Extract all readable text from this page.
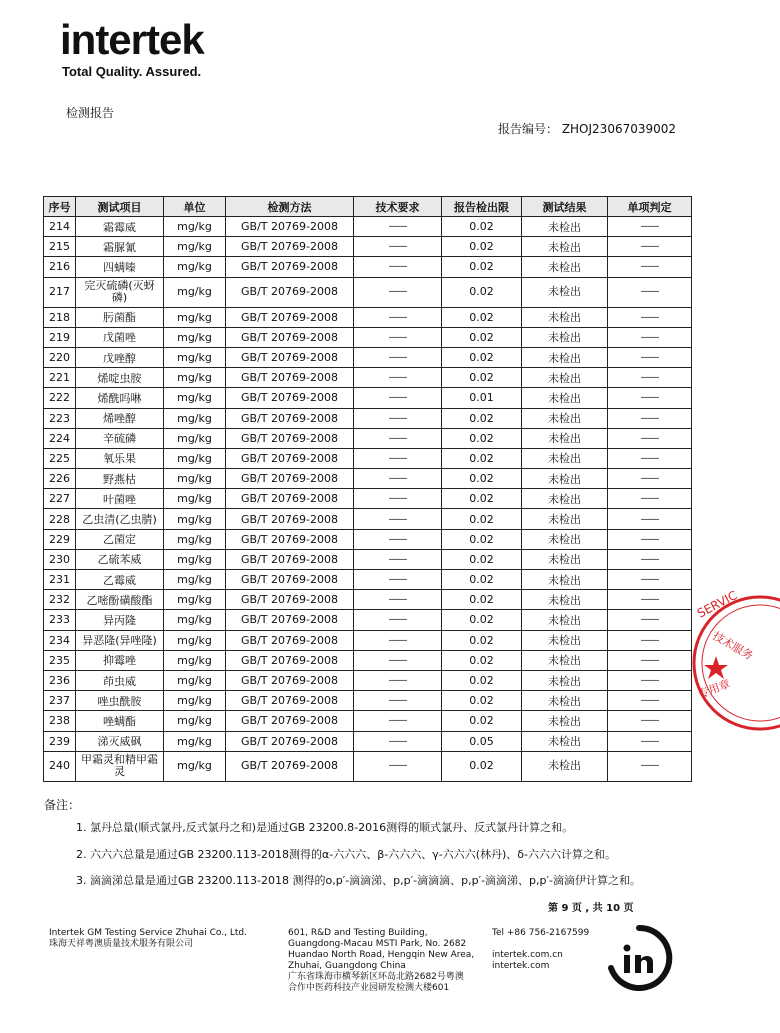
intertek
Total Quality. Assured.
检测报告
报告编号： ZHOJ23067039002
序号	测试项目	单位	检测方法	技术要求	报告检出限	测试结果	单项判定
214	霜霉威	mg/kg	GB/T 20769-2008	——	0.02	未检出	——
215	霜脲氰	mg/kg	GB/T 20769-2008	——	0.02	未检出	——
216	四螨嗪	mg/kg	GB/T 20769-2008	——	0.02	未检出	——
217	完灭硫磷(灭蚜磷)	mg/kg	GB/T 20769-2008	——	0.02	未检出	——
218	肟菌酯	mg/kg	GB/T 20769-2008	——	0.02	未检出	——
219	戊菌唑	mg/kg	GB/T 20769-2008	——	0.02	未检出	——
220	戊唑醇	mg/kg	GB/T 20769-2008	——	0.02	未检出	——
221	烯啶虫胺	mg/kg	GB/T 20769-2008	——	0.02	未检出	——
222	烯酰吗啉	mg/kg	GB/T 20769-2008	——	0.01	未检出	——
223	烯唑醇	mg/kg	GB/T 20769-2008	——	0.02	未检出	——
224	辛硫磷	mg/kg	GB/T 20769-2008	——	0.02	未检出	——
225	氧乐果	mg/kg	GB/T 20769-2008	——	0.02	未检出	——
226	野燕枯	mg/kg	GB/T 20769-2008	——	0.02	未检出	——
227	叶菌唑	mg/kg	GB/T 20769-2008	——	0.02	未检出	——
228	乙虫清(乙虫腈)	mg/kg	GB/T 20769-2008	——	0.02	未检出	——
229	乙菌定	mg/kg	GB/T 20769-2008	——	0.02	未检出	——
230	乙硫苯威	mg/kg	GB/T 20769-2008	——	0.02	未检出	——
231	乙霉威	mg/kg	GB/T 20769-2008	——	0.02	未检出	——
232	乙嘧酚磺酸酯	mg/kg	GB/T 20769-2008	——	0.02	未检出	——
233	异丙隆	mg/kg	GB/T 20769-2008	——	0.02	未检出	——
234	异恶隆(异唑隆)	mg/kg	GB/T 20769-2008	——	0.02	未检出	——
235	抑霉唑	mg/kg	GB/T 20769-2008	——	0.02	未检出	——
236	茚虫威	mg/kg	GB/T 20769-2008	——	0.02	未检出	——
237	唑虫酰胺	mg/kg	GB/T 20769-2008	——	0.02	未检出	——
238	唑螨酯	mg/kg	GB/T 20769-2008	——	0.02	未检出	——
239	涕灭威砜	mg/kg	GB/T 20769-2008	——	0.05	未检出	——
240	甲霜灵和精甲霜灵	mg/kg	GB/T 20769-2008	——	0.02	未检出	——
备注：
1. 氯丹总量(顺式氯丹,反式氯丹之和)是通过GB 23200.8-2016测得的顺式氯丹、反式氯丹计算之和。
2. 六六六总量是通过GB 23200.113-2018测得的α-六六六、β-六六六、γ-六六六(林丹)、δ-六六六计算之和。
3. 滴滴涕总量是通过GB 23200.113-2018 测得的o,p′-滴滴涕、p,p′-滴滴滴、p,p′-滴滴涕、p,p′-滴滴伊计算之和。
第 9 页 , 共 10 页
Intertek GM Testing Service Zhuhai Co., Ltd.
珠海天祥粤澳质量技术服务有限公司
601, R&D and Testing Building,
Guangdong-Macau MSTI Park, No. 2682
Huandao North Road, Hengqin New Area,
Zhuhai, Guangdong China
广东省珠海市横琴新区环岛北路2682号粤澳
合作中医药科技产业园研发检测大楼601
Tel +86 756-2167599
intertek.com.cn
intertek.com
SERVIC
技术服务
专用章
